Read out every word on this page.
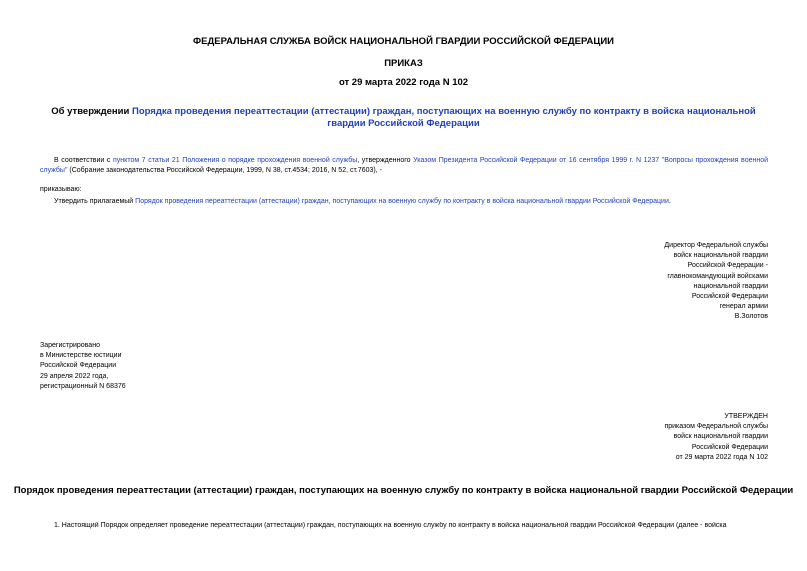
ФЕДЕРАЛЬНАЯ СЛУЖБА ВОЙСК НАЦИОНАЛЬНОЙ ГВАРДИИ РОССИЙСКОЙ ФЕДЕРАЦИИ
ПРИКАЗ
от 29 марта 2022 года N 102
Об утверждении Порядка проведения переаттестации (аттестации) граждан, поступающих на военную службу по контракту в войска национальной гвардии Российской Федерации
В соответствии с пунктом 7 статьи 21 Положения о порядке прохождения военной службы, утвержденного Указом Президента Российской Федерации от 16 сентября 1999 г. N 1237 "Вопросы прохождения военной службы" (Собрание законодательства Российской Федерации, 1999, N 38, ст.4534; 2016, N 52, ст.7603), -
приказываю:
Утвердить прилагаемый Порядок проведения переаттестации (аттестации) граждан, поступающих на военную службу по контракту в войска национальной гвардии Российской Федерации.
Директор Федеральной службы
войск национальной гвардии
Российской Федерации -
главнокомандующий войсками
национальной гвардии
Российской Федерации
генерал армии
В.Золотов
Зарегистрировано
в Министерстве юстиции
Российской Федерации
29 апреля 2022 года,
регистрационный N 68376
УТВЕРЖДЕН
приказом Федеральной службы
войск национальной гвардии
Российской Федерации
от 29 марта 2022 года N 102
Порядок проведения переаттестации (аттестации) граждан, поступающих на военную службу по контракту в войска национальной гвардии Российской Федерации
1. Настоящий Порядок определяет проведение переаттестации (аттестации) граждан, поступающих на военную службу по контракту в войска национальной гвардии Российской Федерации (далее - войска
